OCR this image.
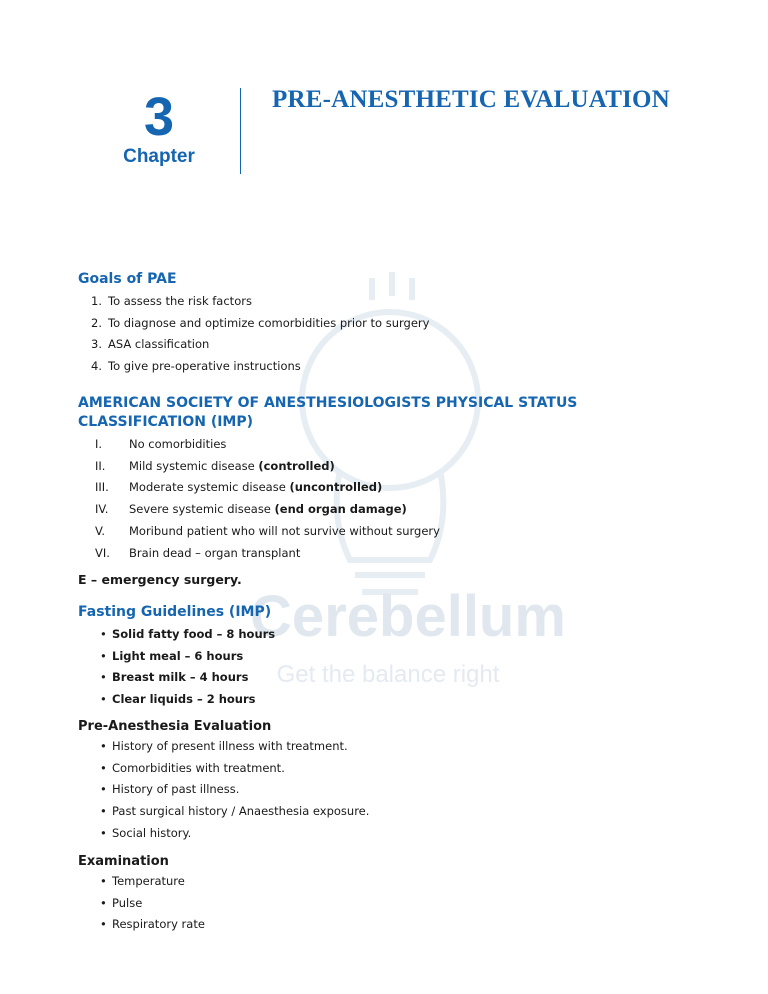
Cerebellum
Get the balance right
3
Chapter
PRE-ANESTHETIC EVALUATION
Goals of PAE
1. To assess the risk factors
2. To diagnose and optimize comorbidities prior to surgery
3. ASA classification
4. To give pre-operative instructions
AMERICAN SOCIETY OF ANESTHESIOLOGISTS PHYSICAL STATUS
CLASSIFICATION (IMP)
I. No comorbidities
II. Mild systemic disease (controlled)
III. Moderate systemic disease (uncontrolled)
IV. Severe systemic disease (end organ damage)
V. Moribund patient who will not survive without surgery
VI. Brain dead – organ transplant
E – emergency surgery.
Fasting Guidelines (IMP)
• Solid fatty food – 8 hours
• Light meal – 6 hours
• Breast milk – 4 hours
• Clear liquids – 2 hours
Pre-Anesthesia Evaluation
• History of present illness with treatment.
• Comorbidities with treatment.
• History of past illness.
• Past surgical history / Anaesthesia exposure.
• Social history.
Examination
• Temperature
• Pulse
• Respiratory rate
